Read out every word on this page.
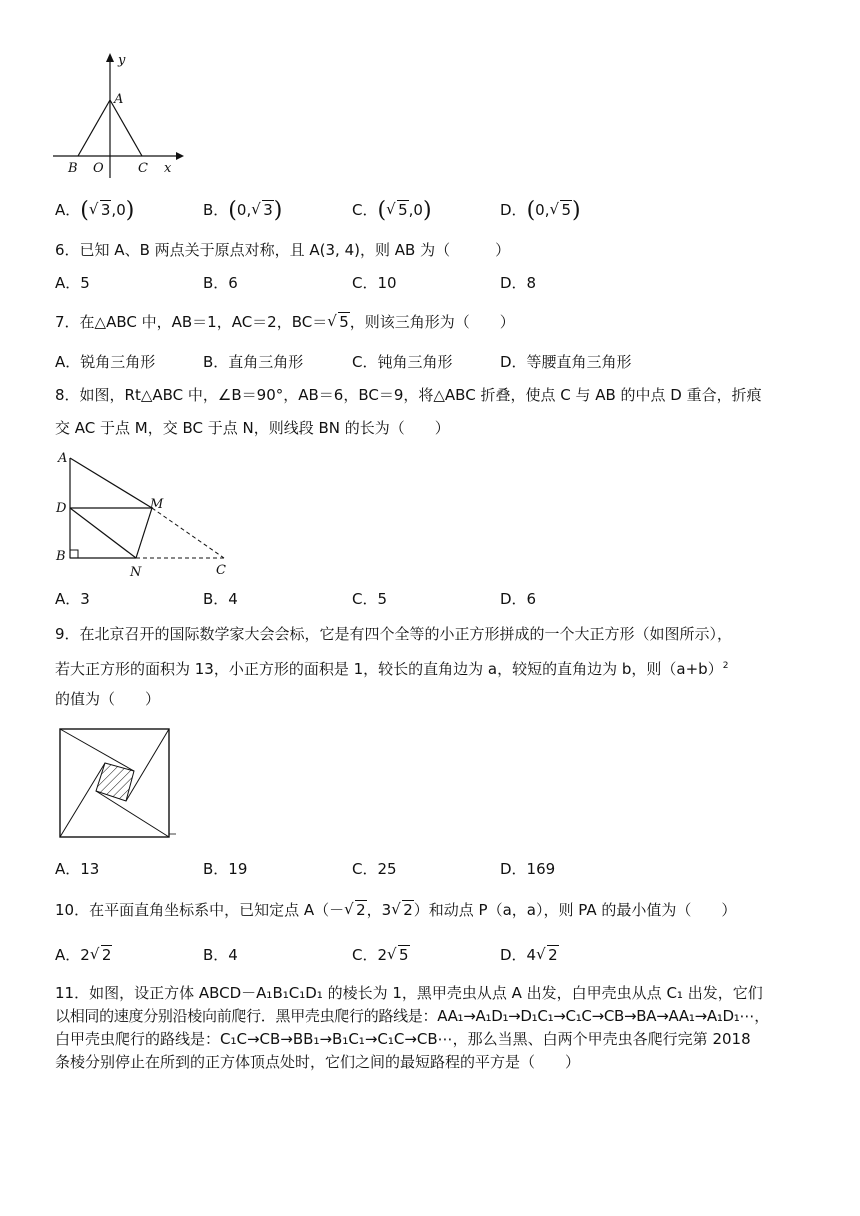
y
A
B O	C x
A．( √ 3,0)	B．(0, √ 3)	C．( √ 5,0)	D．(0, √ 5)
6．已知 A、B 两点关于原点对称，且 A(3, 4)，则 AB 为（　　　）
A．5	B．6	C．10	D．8
7．在△ABC 中，AB＝1，AC＝2，BC＝ √ 5，则该三角形为（　　）
A．锐角三角形	B．直角三角形	C．钝角三角形	D．等腰直角三角形
8．如图，Rt△ABC 中，∠B＝90°，AB＝6，BC＝9，将△ABC 折叠，使点 C 与 AB 的中点 D 重合，折痕
交 AC 于点 M，交 BC 于点 N，则线段 BN 的长为（　　）
A
D
B
M
N	C
A．3	B．4	C．5	D．6
9．在北京召开的国际数学家大会会标，它是有四个全等的小正方形拼成的一个大正方形（如图所示），
若大正方形的面积为 13，小正方形的面积是 1，较长的直角边为 a，较短的直角边为 b，则$(a+b)^2$
的值为（　　）
A．13	B．19	C．25	D．169
10．在平面直角坐标系中，已知定点 A（－ √ 2，3 √ 2）和动点 P（a，a），则 PA 的最小值为（　　）
A．2 √ 2	B．4	C．2 √ 5	D．4 √ 2
11．如图，设正方体 ABCD－A₁B₁C₁D₁ 的棱长为 1，黑甲壳虫从点 A 出发，白甲壳虫从点 C₁ 出发，它们
以相同的速度分别沿棱向前爬行．黑甲壳虫爬行的路线是：AA₁→A₁D₁→D₁C₁→C₁C→CB→BA→AA₁→A₁D₁⋯，
白甲壳虫爬行的路线是：C₁C→CB→BB₁→B₁C₁→C₁C→CB⋯，那么当黑、白两个甲壳虫各爬行完第 2018
条棱分别停止在所到的正方体顶点处时，它们之间的最短路程的平方是（　　）
